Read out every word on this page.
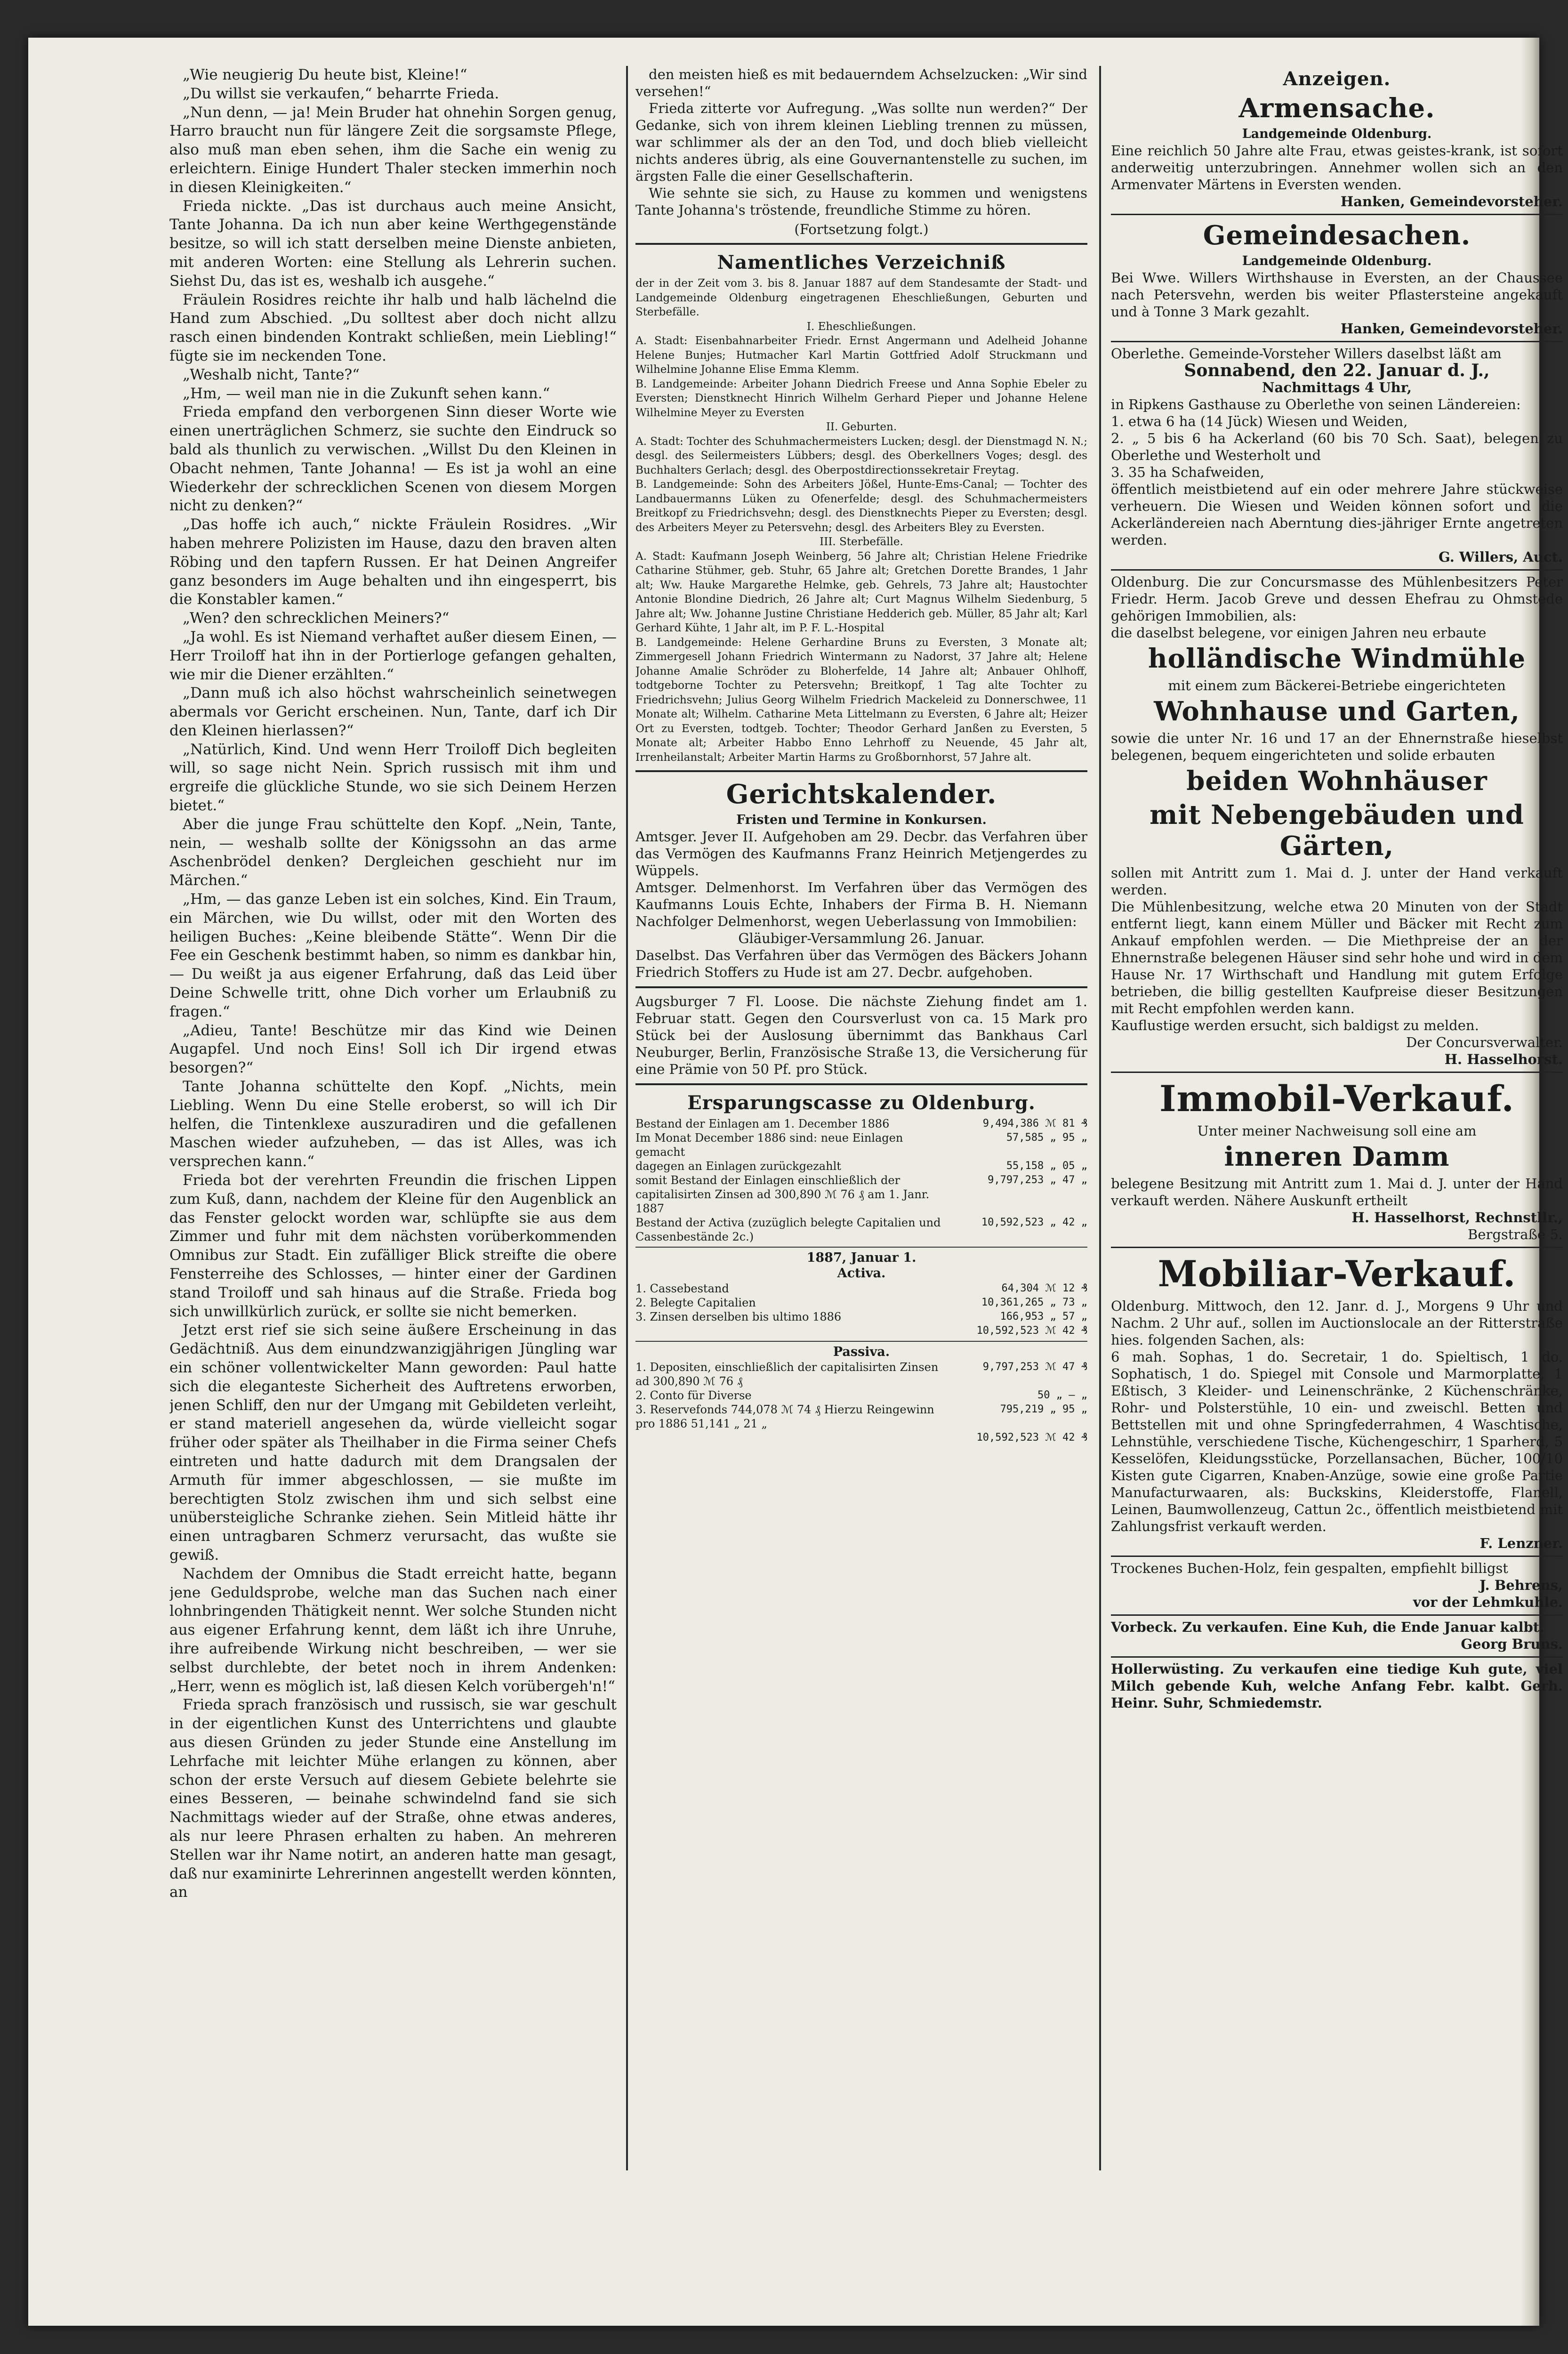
„Wie neugierig Du heute bist, Kleine!“

„Du willst sie verkaufen,“ beharrte Frieda.

„Nun denn, — ja! Mein Bruder hat ohnehin Sorgen genug, Harro braucht nun für längere Zeit die sorgsamste Pflege, also muß man eben sehen, ihm die Sache ein wenig zu erleichtern. Einige Hundert Thaler stecken immerhin noch in diesen Kleinigkeiten.“

Frieda nickte. „Das ist durchaus auch meine Ansicht, Tante Johanna. Da ich nun aber keine Werthgegenstände besitze, so will ich statt derselben meine Dienste anbieten, mit anderen Worten: eine Stellung als Lehrerin suchen. Siehst Du, das ist es, weshalb ich ausgehe.“

Fräulein Rosidres reichte ihr halb und halb lächelnd die Hand zum Abschied. „Du solltest aber doch nicht allzu rasch einen bindenden Kontrakt schließen, mein Liebling!“ fügte sie im neckenden Tone.

„Weshalb nicht, Tante?“

„Hm, — weil man nie in die Zukunft sehen kann.“

Frieda empfand den verborgenen Sinn dieser Worte wie einen unerträglichen Schmerz, sie suchte den Eindruck so bald als thunlich zu verwischen. „Willst Du den Kleinen in Obacht nehmen, Tante Johanna! — Es ist ja wohl an eine Wiederkehr der schrecklichen Scenen von diesem Morgen nicht zu denken?“

„Das hoffe ich auch,“ nickte Fräulein Rosidres. „Wir haben mehrere Polizisten im Hause, dazu den braven alten Röbing und den tapfern Russen. Er hat Deinen Angreifer ganz besonders im Auge behalten und ihn eingesperrt, bis die Konstabler kamen.“

„Wen? den schrecklichen Meiners?“

„Ja wohl. Es ist Niemand verhaftet außer diesem Einen, — Herr Troiloff hat ihn in der Portierloge gefangen gehalten, wie mir die Diener erzählten.“

„Dann muß ich also höchst wahrscheinlich seinetwegen abermals vor Gericht erscheinen. Nun, Tante, darf ich Dir den Kleinen hierlassen?“

„Natürlich, Kind. Und wenn Herr Troiloff Dich begleiten will, so sage nicht Nein. Sprich russisch mit ihm und ergreife die glückliche Stunde, wo sie sich Deinem Herzen bietet.“

Aber die junge Frau schüttelte den Kopf. „Nein, Tante, nein, — weshalb sollte der Königssohn an das arme Aschenbrödel denken? Dergleichen geschieht nur im Märchen.“

„Hm, — das ganze Leben ist ein solches, Kind. Ein Traum, ein Märchen, wie Du willst, oder mit den Worten des heiligen Buches: „Keine bleibende Stätte“. Wenn Dir die Fee ein Geschenk bestimmt haben, so nimm es dankbar hin, — Du weißt ja aus eigener Erfahrung, daß das Leid über Deine Schwelle tritt, ohne Dich vorher um Erlaubniß zu fragen.“

„Adieu, Tante! Beschütze mir das Kind wie Deinen Augapfel. Und noch Eins! Soll ich Dir irgend etwas besorgen?“

Tante Johanna schüttelte den Kopf. „Nichts, mein Liebling. Wenn Du eine Stelle eroberst, so will ich Dir helfen, die Tintenklexe auszuradiren und die gefallenen Maschen wieder aufzuheben, — das ist Alles, was ich versprechen kann.“

Frieda bot der verehrten Freundin die frischen Lippen zum Kuß, dann, nachdem der Kleine für den Augenblick an das Fenster gelockt worden war, schlüpfte sie aus dem Zimmer und fuhr mit dem nächsten vorüberkommenden Omnibus zur Stadt. Ein zufälliger Blick streifte die obere Fensterreihe des Schlosses, — hinter einer der Gardinen stand Troiloff und sah hinaus auf die Straße. Frieda bog sich unwillkürlich zurück, er sollte sie nicht bemerken.

Jetzt erst rief sie sich seine äußere Erscheinung in das Gedächtniß. Aus dem einundzwanzigjährigen Jüngling war ein schöner vollentwickelter Mann geworden: Paul hatte sich die eleganteste Sicherheit des Auftretens erworben, jenen Schliff, den nur der Umgang mit Gebildeten verleiht, er stand materiell angesehen da, würde vielleicht sogar früher oder später als Theilhaber in die Firma seiner Chefs eintreten und hatte dadurch mit dem Drangsalen der Armuth für immer abgeschlossen, — sie mußte im berechtigten Stolz zwischen ihm und sich selbst eine unübersteigliche Schranke ziehen. Sein Mitleid hätte ihr einen untragbaren Schmerz verursacht, das wußte sie gewiß.

Nachdem der Omnibus die Stadt erreicht hatte, begann jene Geduldsprobe, welche man das Suchen nach einer lohnbringenden Thätigkeit nennt. Wer solche Stunden nicht aus eigener Erfahrung kennt, dem läßt ich ihre Unruhe, ihre aufreibende Wirkung nicht beschreiben, — wer sie selbst durchlebte, der betet noch in ihrem Andenken: „Herr, wenn es möglich ist, laß diesen Kelch vorübergeh'n!“

Frieda sprach französisch und russisch, sie war geschult in der eigentlichen Kunst des Unterrichtens und glaubte aus diesen Gründen zu jeder Stunde eine Anstellung im Lehrfache mit leichter Mühe erlangen zu können, aber schon der erste Versuch auf diesem Gebiete belehrte sie eines Besseren, — beinahe schwindelnd fand sie sich Nachmittags wieder auf der Straße, ohne etwas anderes, als nur leere Phrasen erhalten zu haben. An mehreren Stellen war ihr Name notirt, an anderen hatte man gesagt, daß nur examinirte Lehrerinnen angestellt werden könnten, an

den meisten hieß es mit bedauerndem Achselzucken: „Wir sind versehen!“

Frieda zitterte vor Aufregung. „Was sollte nun werden?“ Der Gedanke, sich von ihrem kleinen Liebling trennen zu müssen, war schlimmer als der an den Tod, und doch blieb vielleicht nichts anderes übrig, als eine Gouvernantenstelle zu suchen, im ärgsten Falle die einer Gesellschafterin.

Wie sehnte sie sich, zu Hause zu kommen und wenigstens Tante Johanna's tröstende, freundliche Stimme zu hören.

(Fortsetzung folgt.)
Namentliches Verzeichniß

der in der Zeit vom 3. bis 8. Januar 1887 auf dem Standesamte der Stadt- und Landgemeinde Oldenburg eingetragenen Eheschließungen, Geburten und Sterbefälle.

I. Eheschließungen.

A. Stadt: Eisenbahnarbeiter Friedr. Ernst Angermann und Adelheid Johanne Helene Bunjes; Hutmacher Karl Martin Gottfried Adolf Struckmann und Wilhelmine Johanne Elise Emma Klemm.

B. Landgemeinde: Arbeiter Johann Diedrich Freese und Anna Sophie Ebeler zu Eversten; Dienstknecht Hinrich Wilhelm Gerhard Pieper und Johanne Helene Wilhelmine Meyer zu Eversten

II. Geburten.

A. Stadt: Tochter des Schuhmachermeisters Lucken; desgl. der Dienstmagd N. N.; desgl. des Seilermeisters Lübbers; desgl. des Oberkellners Voges; desgl. des Buchhalters Gerlach; desgl. des Oberpostdirectionssekretair Freytag.

B. Landgemeinde: Sohn des Arbeiters Jößel, Hunte-Ems-Canal; — Tochter des Landbauermanns Lüken zu Ofenerfelde; desgl. des Schuhmachermeisters Breitkopf zu Friedrichsvehn; desgl. des Dienstknechts Pieper zu Eversten; desgl. des Arbeiters Meyer zu Petersvehn; desgl. des Arbeiters Bley zu Eversten.

III. Sterbefälle.

A. Stadt: Kaufmann Joseph Weinberg, 56 Jahre alt; Christian Helene Friedrike Catharine Stühmer, geb. Stuhr, 65 Jahre alt; Gretchen Dorette Brandes, 1 Jahr alt; Ww. Hauke Margarethe Helmke, geb. Gehrels, 73 Jahre alt; Haustochter Antonie Blondine Diedrich, 26 Jahre alt; Curt Magnus Wilhelm Siedenburg, 5 Jahre alt; Ww. Johanne Justine Christiane Hedderich geb. Müller, 85 Jahr alt; Karl Gerhard Kühte, 1 Jahr alt, im P. F. L.-Hospital

B. Landgemeinde: Helene Gerhardine Bruns zu Eversten, 3 Monate alt; Zimmergesell Johann Friedrich Wintermann zu Nadorst, 37 Jahre alt; Helene Johanne Amalie Schröder zu Bloherfelde, 14 Jahre alt; Anbauer Ohlhoff, todtgeborne Tochter zu Petersvehn; Breitkopf, 1 Tag alte Tochter zu Friedrichsvehn; Julius Georg Wilhelm Friedrich Mackeleid zu Donnerschwee, 11 Monate alt; Wilhelm. Catharine Meta Littelmann zu Eversten, 6 Jahre alt; Heizer Ort zu Eversten, todtgeb. Tochter; Theodor Gerhard Janßen zu Eversten, 5 Monate alt; Arbeiter Habbo Enno Lehrhoff zu Neuende, 45 Jahr alt, Irrenheilanstalt; Arbeiter Martin Harms zu Großbornhorst, 57 Jahre alt.

Gerichtskalender.
Fristen und Termine in Konkursen.

Amtsger. Jever II. Aufgehoben am 29. Decbr. das Verfahren über das Vermögen des Kaufmanns Franz Heinrich Metjengerdes zu Wüppels.

Amtsger. Delmenhorst. Im Verfahren über das Vermögen des Kaufmanns Louis Echte, Inhabers der Firma B. H. Niemann Nachfolger Delmenhorst, wegen Ueberlassung von Immobilien:

Gläubiger-Versammlung 26. Januar.

Daselbst. Das Verfahren über das Vermögen des Bäckers Johann Friedrich Stoffers zu Hude ist am 27. Decbr. aufgehoben.

Augsburger 7 Fl. Loose. Die nächste Ziehung findet am 1. Februar statt. Gegen den Coursverlust von ca. 15 Mark pro Stück bei der Auslosung übernimmt das Bankhaus Carl Neuburger, Berlin, Französische Straße 13, die Versicherung für eine Prämie von 50 Pf. pro Stück.

Ersparungscasse zu Oldenburg.
Bestand der Einlagen am 1. December 1886	9,494,386 ℳ 81 ₰
Im Monat December 1886 sind: neue Einlagen gemacht
57,585 „ 95 „
dagegen an Einlagen zurückgezahlt	55,158 „ 05 „
somit Bestand der Einlagen einschließlich der capitalisirten Zinsen ad 300,890 ℳ 76 ₰ am 1. Janr. 1887
9,797,253 „ 47 „
Bestand der Activa (zuzüglich belegte Capitalien und Cassenbestände 2c.)
10,592,523 „ 42 „
1887, Januar 1.
Activa.
1. Cassebestand	64,304 ℳ 12 ₰
2. Belegte Capitalien	10,361,265 „ 73 „
3. Zinsen derselben bis ultimo 1886	166,953 „ 57 „
10,592,523 ℳ 42 ₰
Passiva.
1. Depositen, einschließlich der capitalisirten Zinsen ad 300,890 ℳ 76 ₰
9,797,253 ℳ 47 ₰
2. Conto für Diverse	50 „ — „
3. Reservefonds 744,078 ℳ 74 ₰ Hierzu Reingewinn pro 1886 51,141 „ 21 „
795,219 „ 95 „
10,592,523 ℳ 42 ₰
Anzeigen.
Armensache.
Landgemeinde Oldenburg.

Eine reichlich 50 Jahre alte Frau, etwas geistes-krank, ist sofort anderweitig unterzubringen. Annehmer wollen sich an den Armenvater Märtens in Eversten wenden.

Hanken, Gemeindevorsteher.

Gemeindesachen.
Landgemeinde Oldenburg.

Bei Wwe. Willers Wirthshause in Eversten, an der Chaussee nach Petersvehn, werden bis weiter Pflastersteine angekauft und à Tonne 3 Mark gezahlt.

Hanken, Gemeindevorsteher.

Oberlethe. Gemeinde-Vorsteher Willers daselbst läßt am

Sonnabend, den 22. Januar d. J.,

Nachmittags 4 Uhr,

in Ripkens Gasthause zu Oberlethe von seinen Ländereien:

1. etwa 6 ha (14 Jück) Wiesen und Weiden,

2. „ 5 bis 6 ha Ackerland (60 bis 70 Sch. Saat), belegen zu Oberlethe und Westerholt und

3. 35 ha Schafweiden,

öffentlich meistbietend auf ein oder mehrere Jahre stückweise verheuern. Die Wiesen und Weiden können sofort und die Ackerländereien nach Aberntung dies-jähriger Ernte angetreten werden.

G. Willers, Auct.

Oldenburg. Die zur Concursmasse des Mühlenbesitzers Peter Friedr. Herm. Jacob Greve und dessen Ehefrau zu Ohmstede gehörigen Immobilien, als:

die daselbst belegene, vor einigen Jahren neu erbaute

holländische Windmühle

mit einem zum Bäckerei-Betriebe eingerichteten

Wohnhause und Garten,

sowie die unter Nr. 16 und 17 an der Ehnernstraße hieselbst belegenen, bequem eingerichteten und solide erbauten

beiden Wohnhäuser
mit Nebengebäuden und Gärten,

sollen mit Antritt zum 1. Mai d. J. unter der Hand verkauft werden.

Die Mühlenbesitzung, welche etwa 20 Minuten von der Stadt entfernt liegt, kann einem Müller und Bäcker mit Recht zum Ankauf empfohlen werden. — Die Miethpreise der an der Ehnernstraße belegenen Häuser sind sehr hohe und wird in dem Hause Nr. 17 Wirthschaft und Handlung mit gutem Erfolge betrieben, die billig gestellten Kaufpreise dieser Besitzungen mit Recht empfohlen werden kann.

Kauflustige werden ersucht, sich baldigst zu melden.

Der Concursverwalter.

H. Hasselhorst.

Immobil-Verkauf.

Unter meiner Nachweisung soll eine am

inneren Damm

belegene Besitzung mit Antritt zum 1. Mai d. J. unter der Hand verkauft werden. Nähere Auskunft ertheilt

H. Hasselhorst, Rechnstllr.,

Bergstraße 5.

Mobiliar-Verkauf.

Oldenburg. Mittwoch, den 12. Janr. d. J., Morgens 9 Uhr und Nachm. 2 Uhr auf., sollen im Auctionslocale an der Ritterstraße hies. folgenden Sachen, als:

6 mah. Sophas, 1 do. Secretair, 1 do. Spieltisch, 1 do. Sophatisch, 1 do. Spiegel mit Console und Marmorplatte, 1 Eßtisch, 3 Kleider- und Leinenschränke, 2 Küchenschränke, Rohr- und Polsterstühle, 10 ein- und zweischl. Betten und Bettstellen mit und ohne Springfederrahmen, 4 Waschtische, Lehnstühle, verschiedene Tische, Küchengeschirr, 1 Sparherd, 5 Kesselöfen, Kleidungsstücke, Porzellansachen, Bücher, 100/10 Kisten gute Cigarren, Knaben-Anzüge, sowie eine große Partie Manufacturwaaren, als: Buckskins, Kleiderstoffe, Flanell, Leinen, Baumwollenzeug, Cattun 2c., öffentlich meistbietend mit Zahlungsfrist verkauft werden.

F. Lenzner.

Trockenes Buchen-Holz, fein gespalten, empfiehlt billigst

J. Behrens,

vor der Lehmkuhle.

Vorbeck. Zu verkaufen. Eine Kuh, die Ende Januar kalbt.

Georg Bruns.

Hollerwüsting. Zu verkaufen eine tiedige Kuh gute, viel Milch gebende Kuh, welche Anfang Febr. kalbt. Gerh. Heinr. Suhr, Schmiedemstr.
